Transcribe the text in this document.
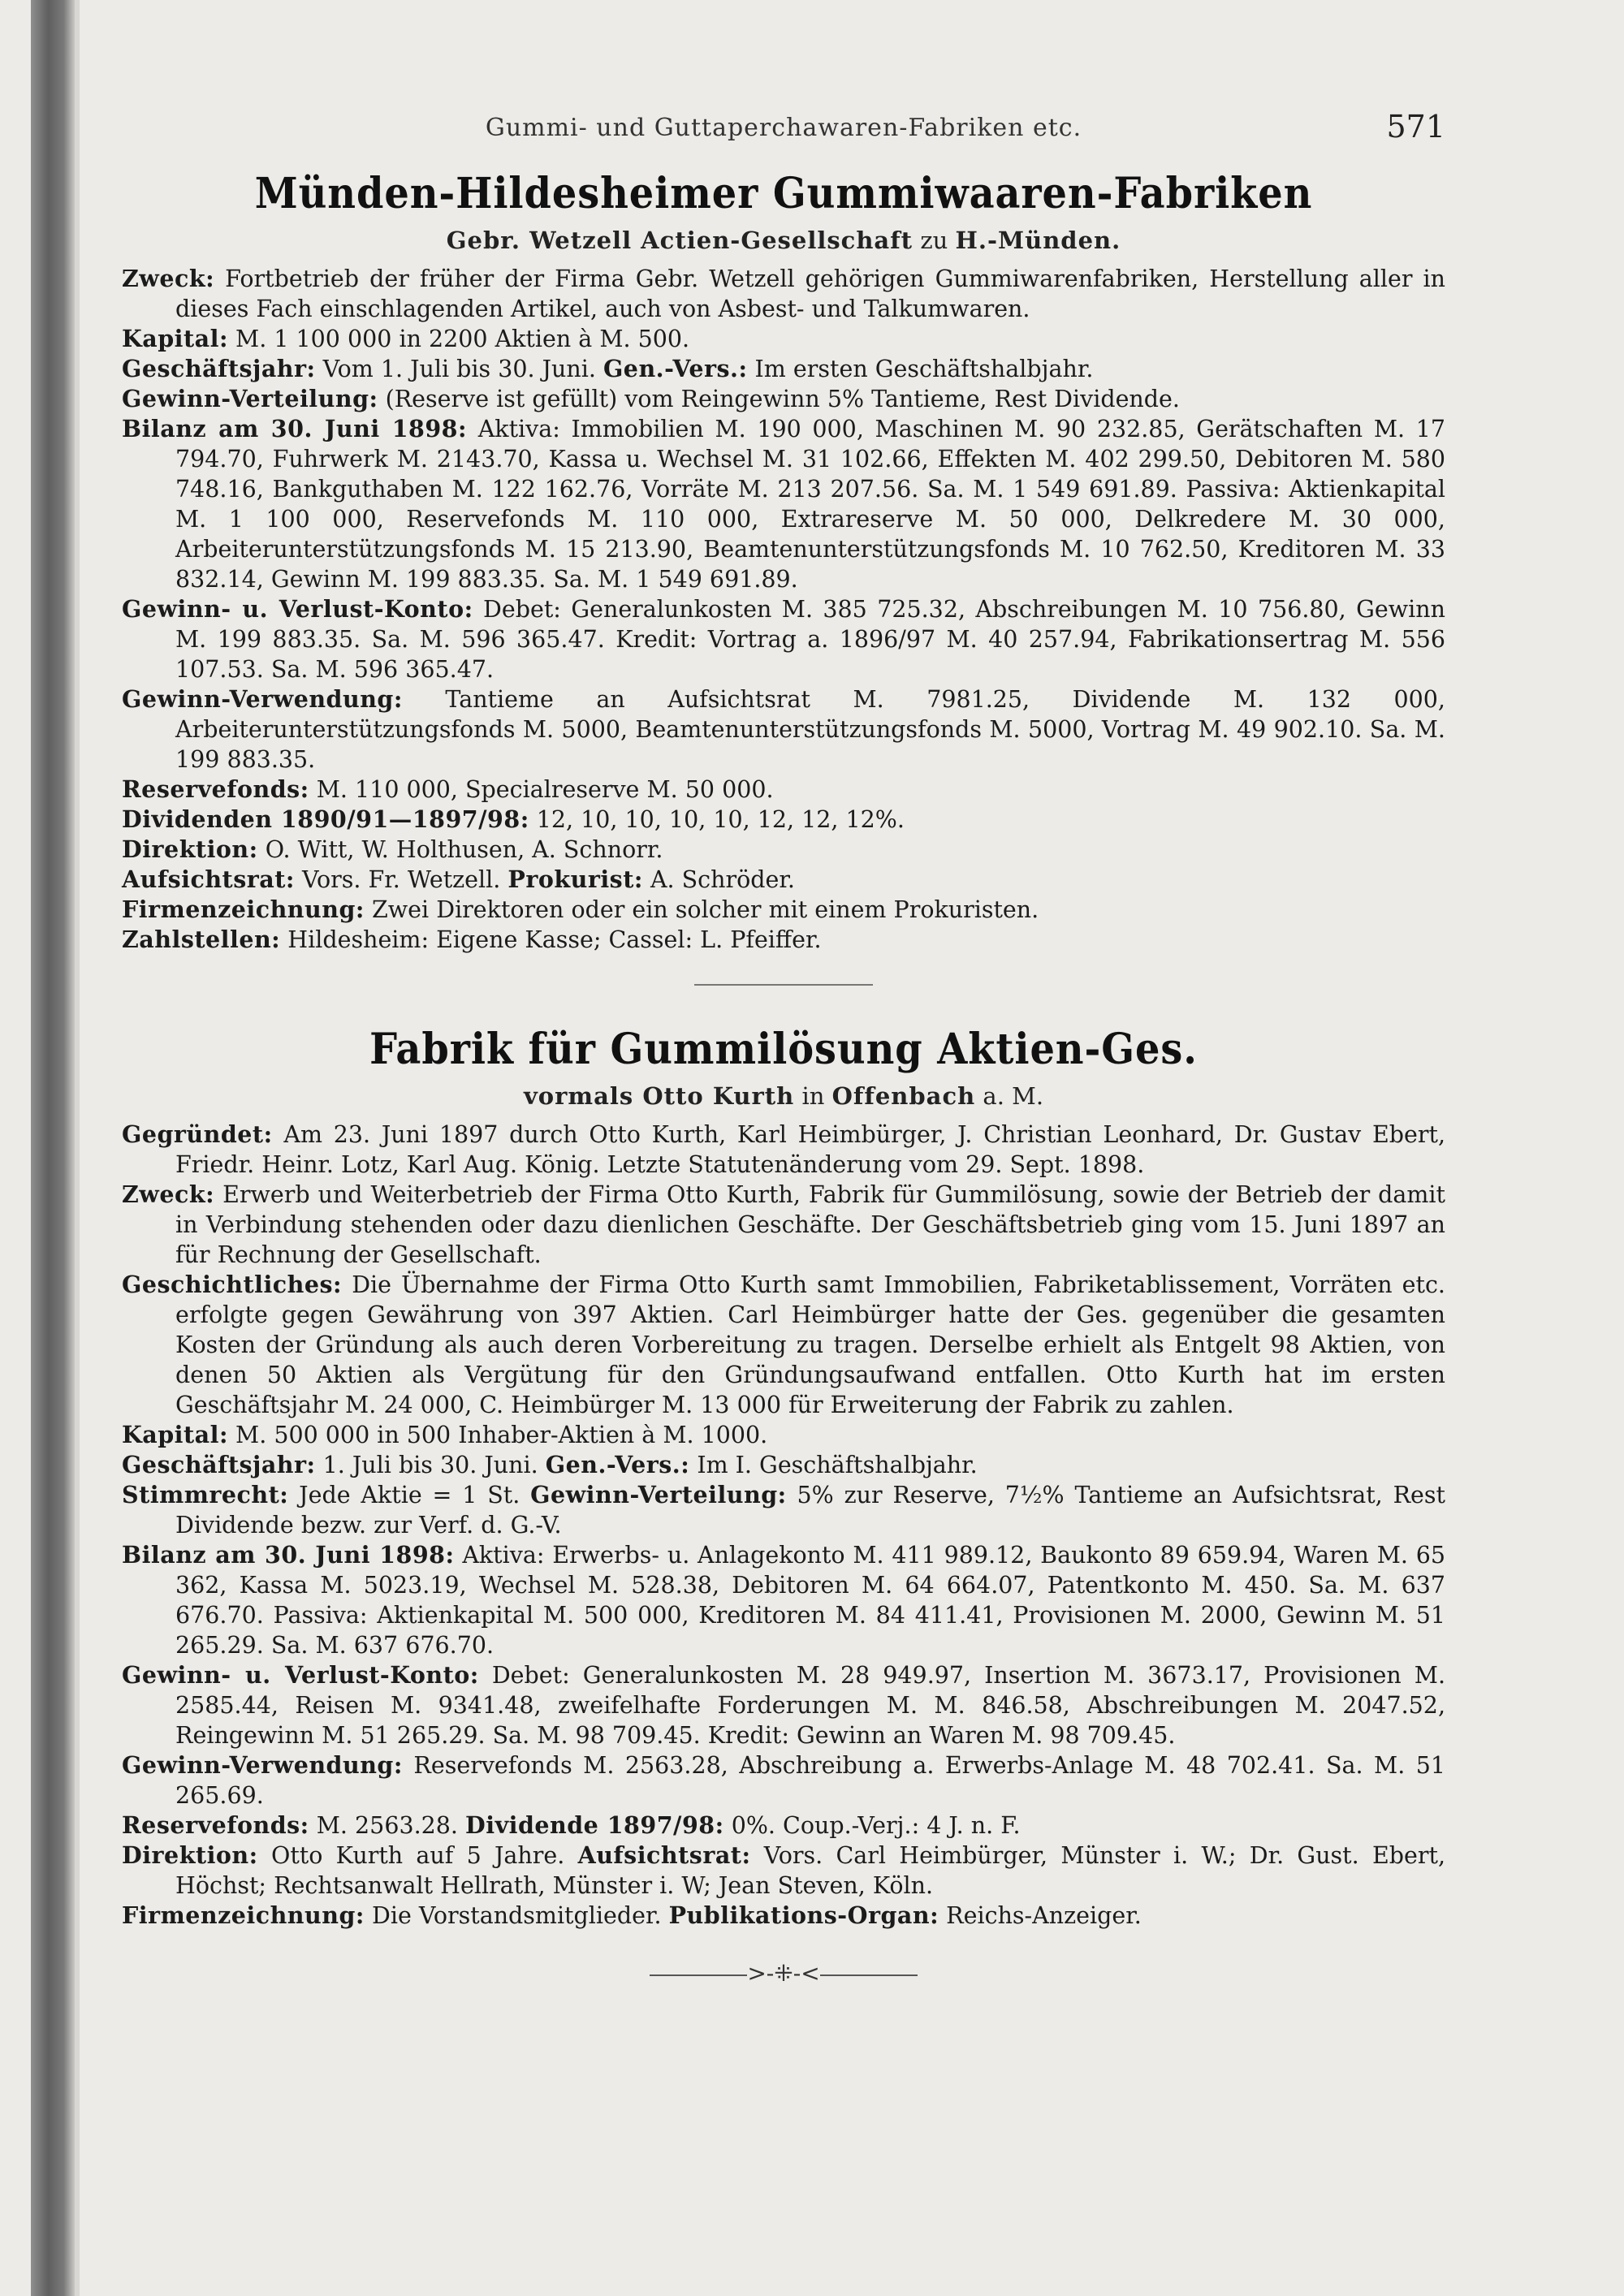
Gummi- und Guttaperchawaren-Fabriken etc.	571
Münden-Hildesheimer Gummiwaaren-Fabriken
Gebr. Wetzell Actien-Gesellschaft zu H.-Münden.
Zweck: Fortbetrieb der früher der Firma Gebr. Wetzell gehörigen Gummiwarenfabriken, Herstellung aller in dieses Fach einschlagenden Artikel, auch von Asbest- und Talkumwaren.
Kapital: M. 1 100 000 in 2200 Aktien à M. 500.
Geschäftsjahr: Vom 1. Juli bis 30. Juni. Gen.-Vers.: Im ersten Geschäftshalbjahr.
Gewinn-Verteilung: (Reserve ist gefüllt) vom Reingewinn 5% Tantieme, Rest Dividende.
Bilanz am 30. Juni 1898: Aktiva: Immobilien M. 190 000, Maschinen M. 90 232.85, Gerätschaften M. 17 794.70, Fuhrwerk M. 2143.70, Kassa u. Wechsel M. 31 102.66, Effekten M. 402 299.50, Debitoren M. 580 748.16, Bankguthaben M. 122 162.76, Vorräte M. 213 207.56. Sa. M. 1 549 691.89. Passiva: Aktienkapital M. 1 100 000, Reservefonds M. 110 000, Extrareserve M. 50 000, Delkredere M. 30 000, Arbeiterunterstützungsfonds M. 15 213.90, Beamtenunterstützungsfonds M. 10 762.50, Kreditoren M. 33 832.14, Gewinn M. 199 883.35. Sa. M. 1 549 691.89.
Gewinn- u. Verlust-Konto: Debet: Generalunkosten M. 385 725.32, Abschreibungen M. 10 756.80, Gewinn M. 199 883.35. Sa. M. 596 365.47. Kredit: Vortrag a. 1896/97 M. 40 257.94, Fabrikationsertrag M. 556 107.53. Sa. M. 596 365.47.
Gewinn-Verwendung: Tantieme an Aufsichtsrat M. 7981.25, Dividende M. 132 000, Arbeiterunterstützungsfonds M. 5000, Beamtenunterstützungsfonds M. 5000, Vortrag M. 49 902.10. Sa. M. 199 883.35.
Reservefonds: M. 110 000, Specialreserve M. 50 000.
Dividenden 1890/91—1897/98: 12, 10, 10, 10, 10, 12, 12, 12%.
Direktion: O. Witt, W. Holthusen, A. Schnorr.
Aufsichtsrat: Vors. Fr. Wetzell. Prokurist: A. Schröder.
Firmenzeichnung: Zwei Direktoren oder ein solcher mit einem Prokuristen.
Zahlstellen: Hildesheim: Eigene Kasse; Cassel: L. Pfeiffer.
Fabrik für Gummilösung Aktien-Ges.
vormals Otto Kurth in Offenbach a. M.
Gegründet: Am 23. Juni 1897 durch Otto Kurth, Karl Heimbürger, J. Christian Leonhard, Dr. Gustav Ebert, Friedr. Heinr. Lotz, Karl Aug. König. Letzte Statutenänderung vom 29. Sept. 1898.
Zweck: Erwerb und Weiterbetrieb der Firma Otto Kurth, Fabrik für Gummilösung, sowie der Betrieb der damit in Verbindung stehenden oder dazu dienlichen Geschäfte. Der Geschäftsbetrieb ging vom 15. Juni 1897 an für Rechnung der Gesellschaft.
Geschichtliches: Die Übernahme der Firma Otto Kurth samt Immobilien, Fabriketablissement, Vorräten etc. erfolgte gegen Gewährung von 397 Aktien. Carl Heimbürger hatte der Ges. gegenüber die gesamten Kosten der Gründung als auch deren Vorbereitung zu tragen. Derselbe erhielt als Entgelt 98 Aktien, von denen 50 Aktien als Vergütung für den Gründungsaufwand entfallen. Otto Kurth hat im ersten Geschäftsjahr M. 24 000, C. Heimbürger M. 13 000 für Erweiterung der Fabrik zu zahlen.
Kapital: M. 500 000 in 500 Inhaber-Aktien à M. 1000.
Geschäftsjahr: 1. Juli bis 30. Juni. Gen.-Vers.: Im I. Geschäftshalbjahr.
Stimmrecht: Jede Aktie = 1 St. Gewinn-Verteilung: 5% zur Reserve, 7½% Tantieme an Aufsichtsrat, Rest Dividende bezw. zur Verf. d. G.-V.
Bilanz am 30. Juni 1898: Aktiva: Erwerbs- u. Anlagekonto M. 411 989.12, Baukonto 89 659.94, Waren M. 65 362, Kassa M. 5023.19, Wechsel M. 528.38, Debitoren M. 64 664.07, Patentkonto M. 450. Sa. M. 637 676.70. Passiva: Aktienkapital M. 500 000, Kreditoren M. 84 411.41, Provisionen M. 2000, Gewinn M. 51 265.29. Sa. M. 637 676.70.
Gewinn- u. Verlust-Konto: Debet: Generalunkosten M. 28 949.97, Insertion M. 3673.17, Provisionen M. 2585.44, Reisen M. 9341.48, zweifelhafte Forderungen M. M. 846.58, Abschreibungen M. 2047.52, Reingewinn M. 51 265.29. Sa. M. 98 709.45. Kredit: Gewinn an Waren M. 98 709.45.
Gewinn-Verwendung: Reservefonds M. 2563.28, Abschreibung a. Erwerbs-Anlage M. 48 702.41. Sa. M. 51 265.69.
Reservefonds: M. 2563.28. Dividende 1897/98: 0%. Coup.-Verj.: 4 J. n. F.
Direktion: Otto Kurth auf 5 Jahre. Aufsichtsrat: Vors. Carl Heimbürger, Münster i. W.; Dr. Gust. Ebert, Höchst; Rechtsanwalt Hellrath, Münster i. W; Jean Steven, Köln.
Firmenzeichnung: Die Vorstandsmitglieder. Publikations-Organ: Reichs-Anzeiger.
>-⁜-<
